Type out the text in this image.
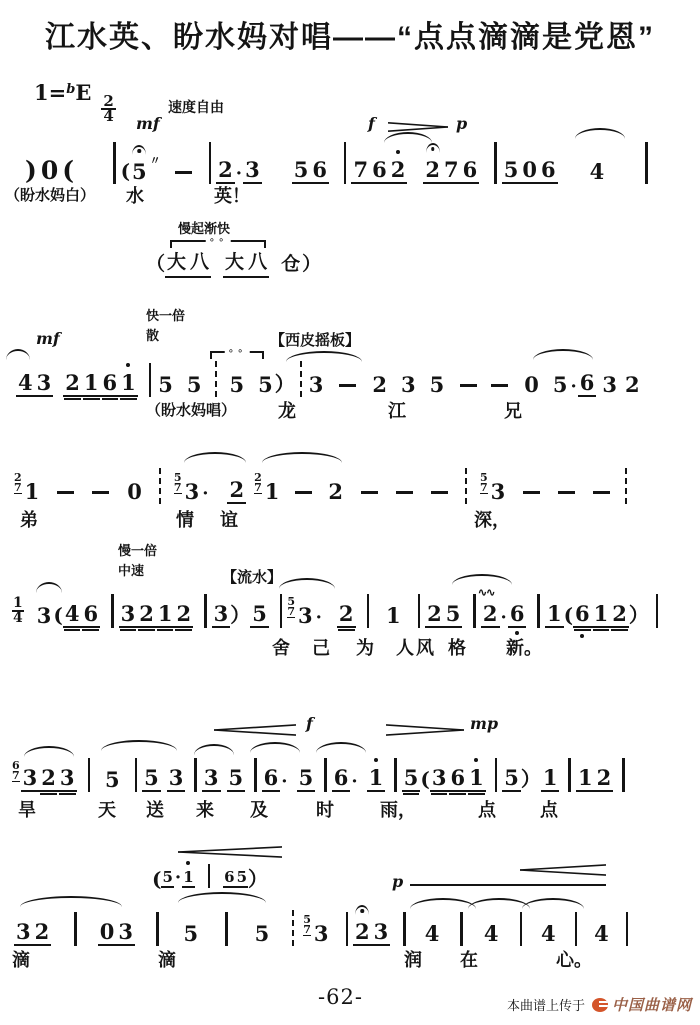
江水英、盼水妈对唱——“点点滴滴是党恩”
1=$^b$E
$\frac{2}{4}$	速度自由
mf	f	p
)0( ( 5 〃	2 · 3 5 6 7 6 2 2 7 6 5 0 6 4
（盼水妈白） 水	英！
慢起渐快
∘∘
（ 大 八 大 八 仓 ）
mf
快一倍
散
∘∘
【西皮摇板】
4 3 2 1 6 1 5 5 5 5 ） 3 2 3 5	0 5 · 6 3 2
（盼水妈唱） 龙	江	兄
2
7 1	0
5
7 3 · 2 2
7 1 2
5
7 3
弟	情 谊	深，
慢一倍
中速	【流水】
$\frac{1}{4} 3$ ( 4 6 3 2 1 2 3 ） 5 5
7 3 · 2 1 2 5 2
∿∿
· 6 1 ( 6 1 2 ）
舍 己 为 人 风 格 新。
f	mp
6
7 3 2 3 5 5 3 3 5 6 · 5 6 · 1 5 ( 3 6 1 5 ） 1 1 2
旱	天 送 来 及	时	雨，	点 点
( 5 · 1 6 5 ）	p
3 2 0 3 5	5
5
7 3 2 3 4 4 4 4
滴	滴	润 在	心。
-62-	本曲谱上传于 中国曲谱网
